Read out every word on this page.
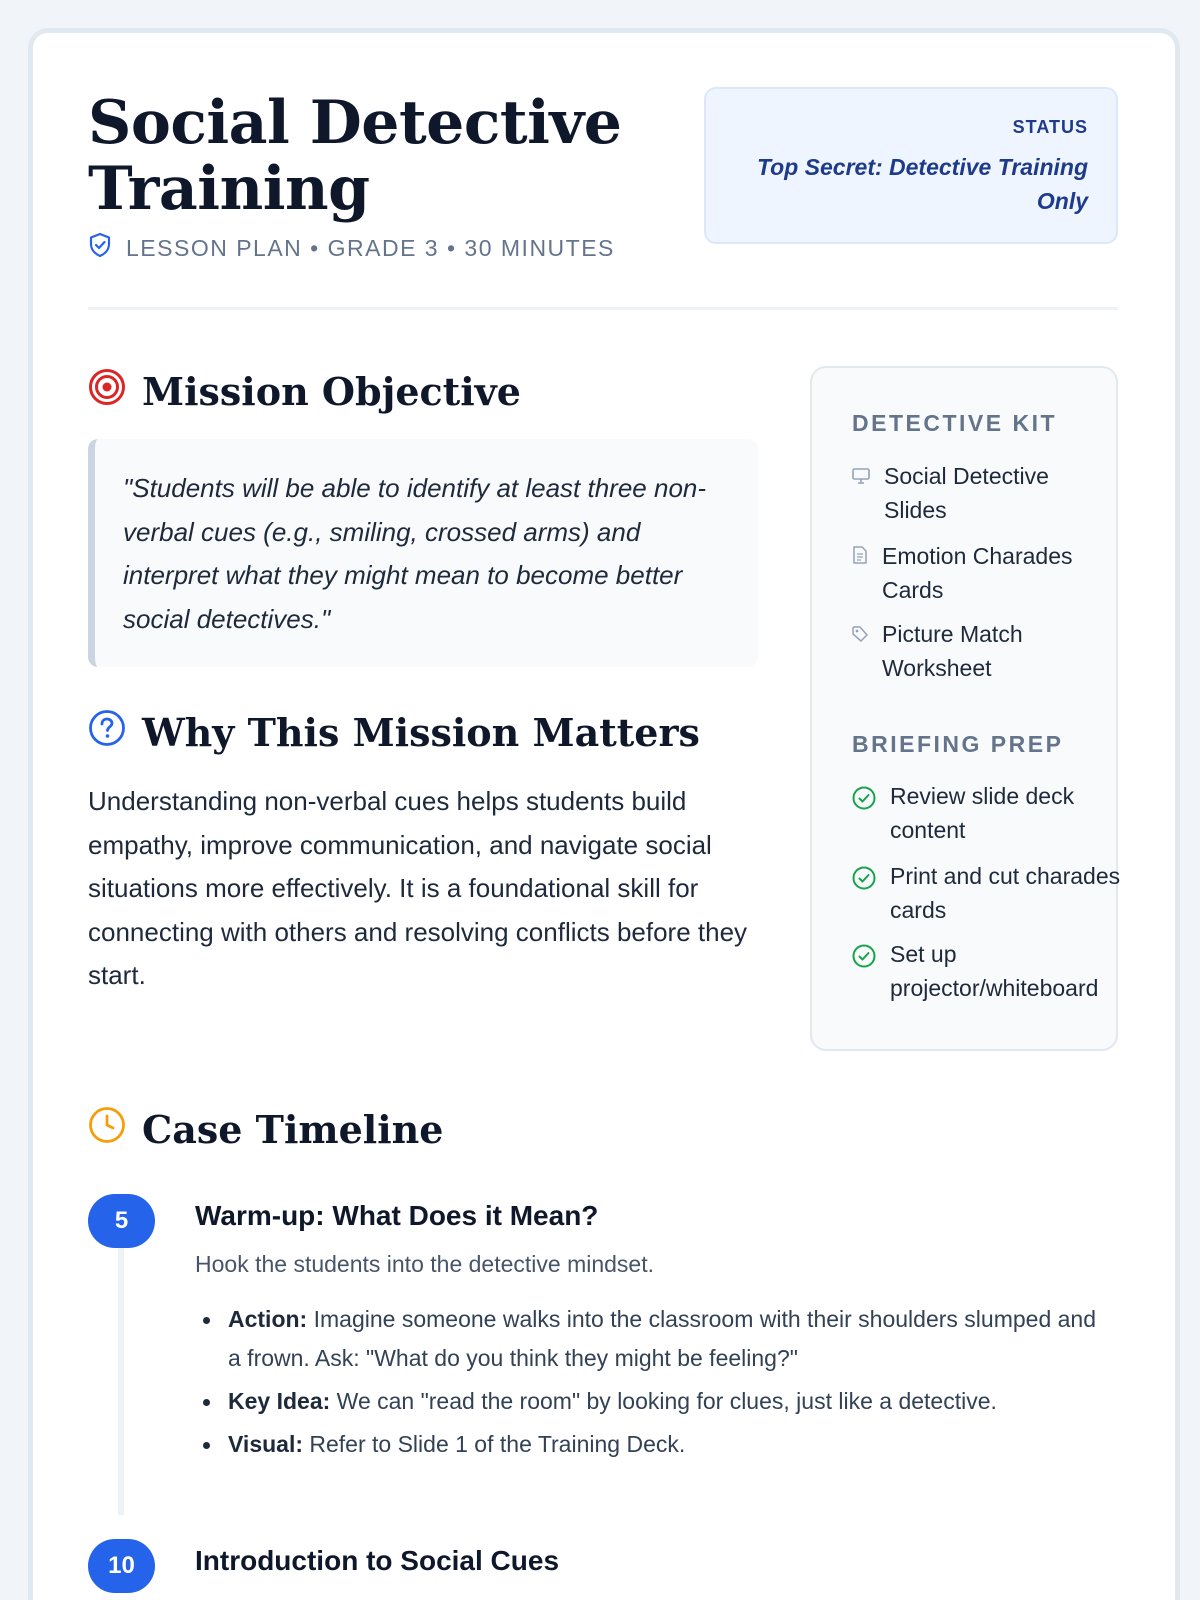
Social Detective Training
LESSON PLAN • GRADE 3 • 30 MINUTES
STATUS
Top Secret: Detective Training Only
Mission Objective
"Students will be able to identify at least three non-verbal cues (e.g., smiling, crossed arms) and interpret what they might mean to become better social detectives."
Why This Mission Matters

Understanding non-verbal cues helps students build empathy, improve communication, and navigate social situations more effectively. It is a foundational skill for connecting with others and resolving conflicts before they start.

DETECTIVE KIT
Social Detective Slides
Emotion Charades Cards
Picture Match Worksheet
BRIEFING PREP
Review slide deck content
Print and cut charades cards
Set up projector/whiteboard
Case Timeline
5	Warm-up: What Does it Mean?
Hook the students into the detective mindset.
Action: Imagine someone walks into the classroom with their shoulders slumped and a frown. Ask: "What do you think they might be feeling?"
Key Idea: We can "read the room" by looking for clues, just like a detective.
Visual: Refer to Slide 1 of the Training Deck.
10	Introduction to Social Cues
